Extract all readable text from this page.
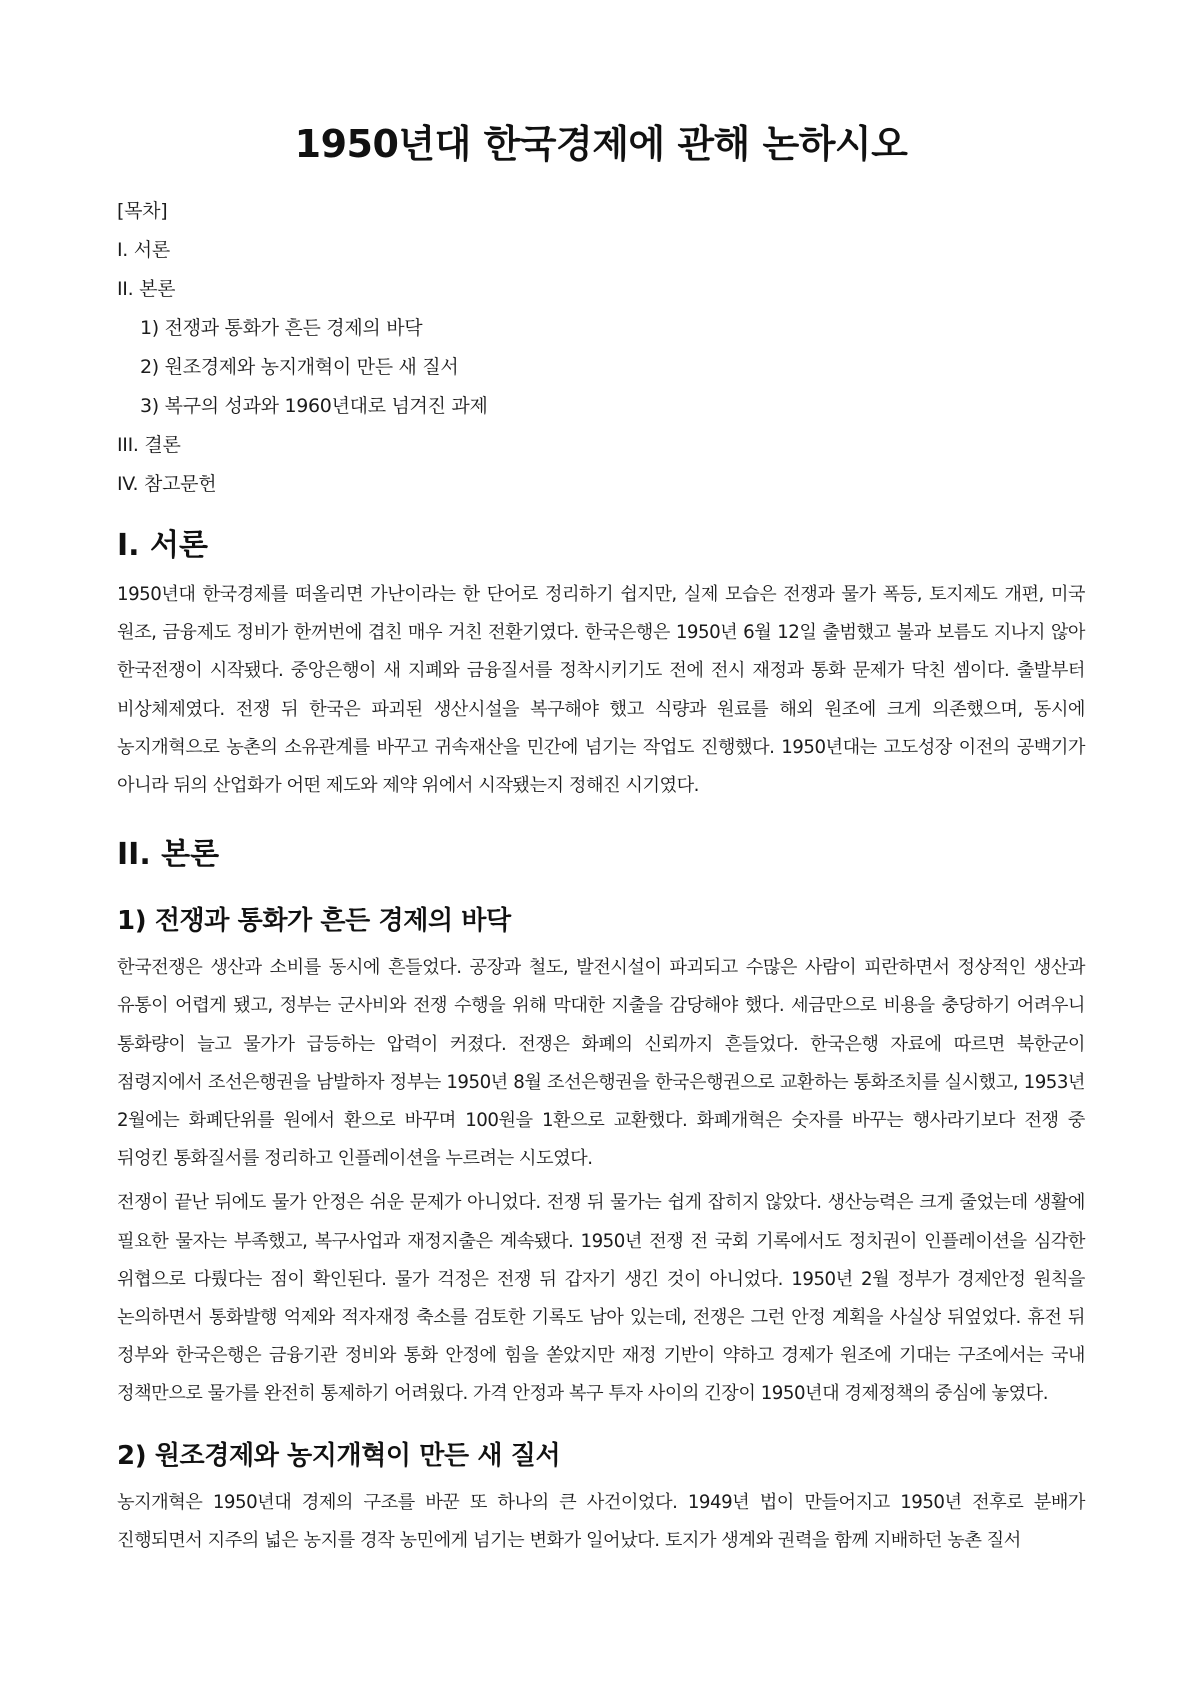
1950년대 한국경제에 관해 논하시오
[목차]
I. 서론
II. 본론
1) 전쟁과 통화가 흔든 경제의 바닥
2) 원조경제와 농지개혁이 만든 새 질서
3) 복구의 성과와 1960년대로 넘겨진 과제
III. 결론
IV. 참고문헌
I. 서론

1950년대 한국경제를 떠올리면 가난이라는 한 단어로 정리하기 쉽지만, 실제 모습은 전쟁과 물가 폭등, 토지제도 개편, 미국 원조, 금융제도 정비가 한꺼번에 겹친 매우 거친 전환기였다. 한국은행은 1950년 6월 12일 출범했고 불과 보름도 지나지 않아 한국전쟁이 시작됐다. 중앙은행이 새 지폐와 금융질서를 정착시키기도 전에 전시 재정과 통화 문제가 닥친 셈이다. 출발부터 비상체제였다. 전쟁 뒤 한국은 파괴된 생산시설을 복구해야 했고 식량과 원료를 해외 원조에 크게 의존했으며, 동시에 농지개혁으로 농촌의 소유관계를 바꾸고 귀속재산을 민간에 넘기는 작업도 진행했다. 1950년대는 고도성장 이전의 공백기가 아니라 뒤의 산업화가 어떤 제도와 제약 위에서 시작됐는지 정해진 시기였다.

II. 본론
1) 전쟁과 통화가 흔든 경제의 바닥

한국전쟁은 생산과 소비를 동시에 흔들었다. 공장과 철도, 발전시설이 파괴되고 수많은 사람이 피란하면서 정상적인 생산과 유통이 어렵게 됐고, 정부는 군사비와 전쟁 수행을 위해 막대한 지출을 감당해야 했다. 세금만으로 비용을 충당하기 어려우니 통화량이 늘고 물가가 급등하는 압력이 커졌다. 전쟁은 화폐의 신뢰까지 흔들었다. 한국은행 자료에 따르면 북한군이 점령지에서 조선은행권을 남발하자 정부는 1950년 8월 조선은행권을 한국은행권으로 교환하는 통화조치를 실시했고, 1953년 2월에는 화폐단위를 원에서 환으로 바꾸며 100원을 1환으로 교환했다. 화폐개혁은 숫자를 바꾸는 행사라기보다 전쟁 중 뒤엉킨 통화질서를 정리하고 인플레이션을 누르려는 시도였다.

전쟁이 끝난 뒤에도 물가 안정은 쉬운 문제가 아니었다. 전쟁 뒤 물가는 쉽게 잡히지 않았다. 생산능력은 크게 줄었는데 생활에 필요한 물자는 부족했고, 복구사업과 재정지출은 계속됐다. 1950년 전쟁 전 국회 기록에서도 정치권이 인플레이션을 심각한 위협으로 다뤘다는 점이 확인된다. 물가 걱정은 전쟁 뒤 갑자기 생긴 것이 아니었다. 1950년 2월 정부가 경제안정 원칙을 논의하면서 통화발행 억제와 적자재정 축소를 검토한 기록도 남아 있는데, 전쟁은 그런 안정 계획을 사실상 뒤엎었다. 휴전 뒤 정부와 한국은행은 금융기관 정비와 통화 안정에 힘을 쏟았지만 재정 기반이 약하고 경제가 원조에 기대는 구조에서는 국내 정책만으로 물가를 완전히 통제하기 어려웠다. 가격 안정과 복구 투자 사이의 긴장이 1950년대 경제정책의 중심에 놓였다.

2) 원조경제와 농지개혁이 만든 새 질서

농지개혁은 1950년대 경제의 구조를 바꾼 또 하나의 큰 사건이었다. 1949년 법이 만들어지고 1950년 전후로 분배가 진행되면서 지주의 넓은 농지를 경작 농민에게 넘기는 변화가 일어났다. 토지가 생계와 권력을 함께 지배하던 농촌 질서
